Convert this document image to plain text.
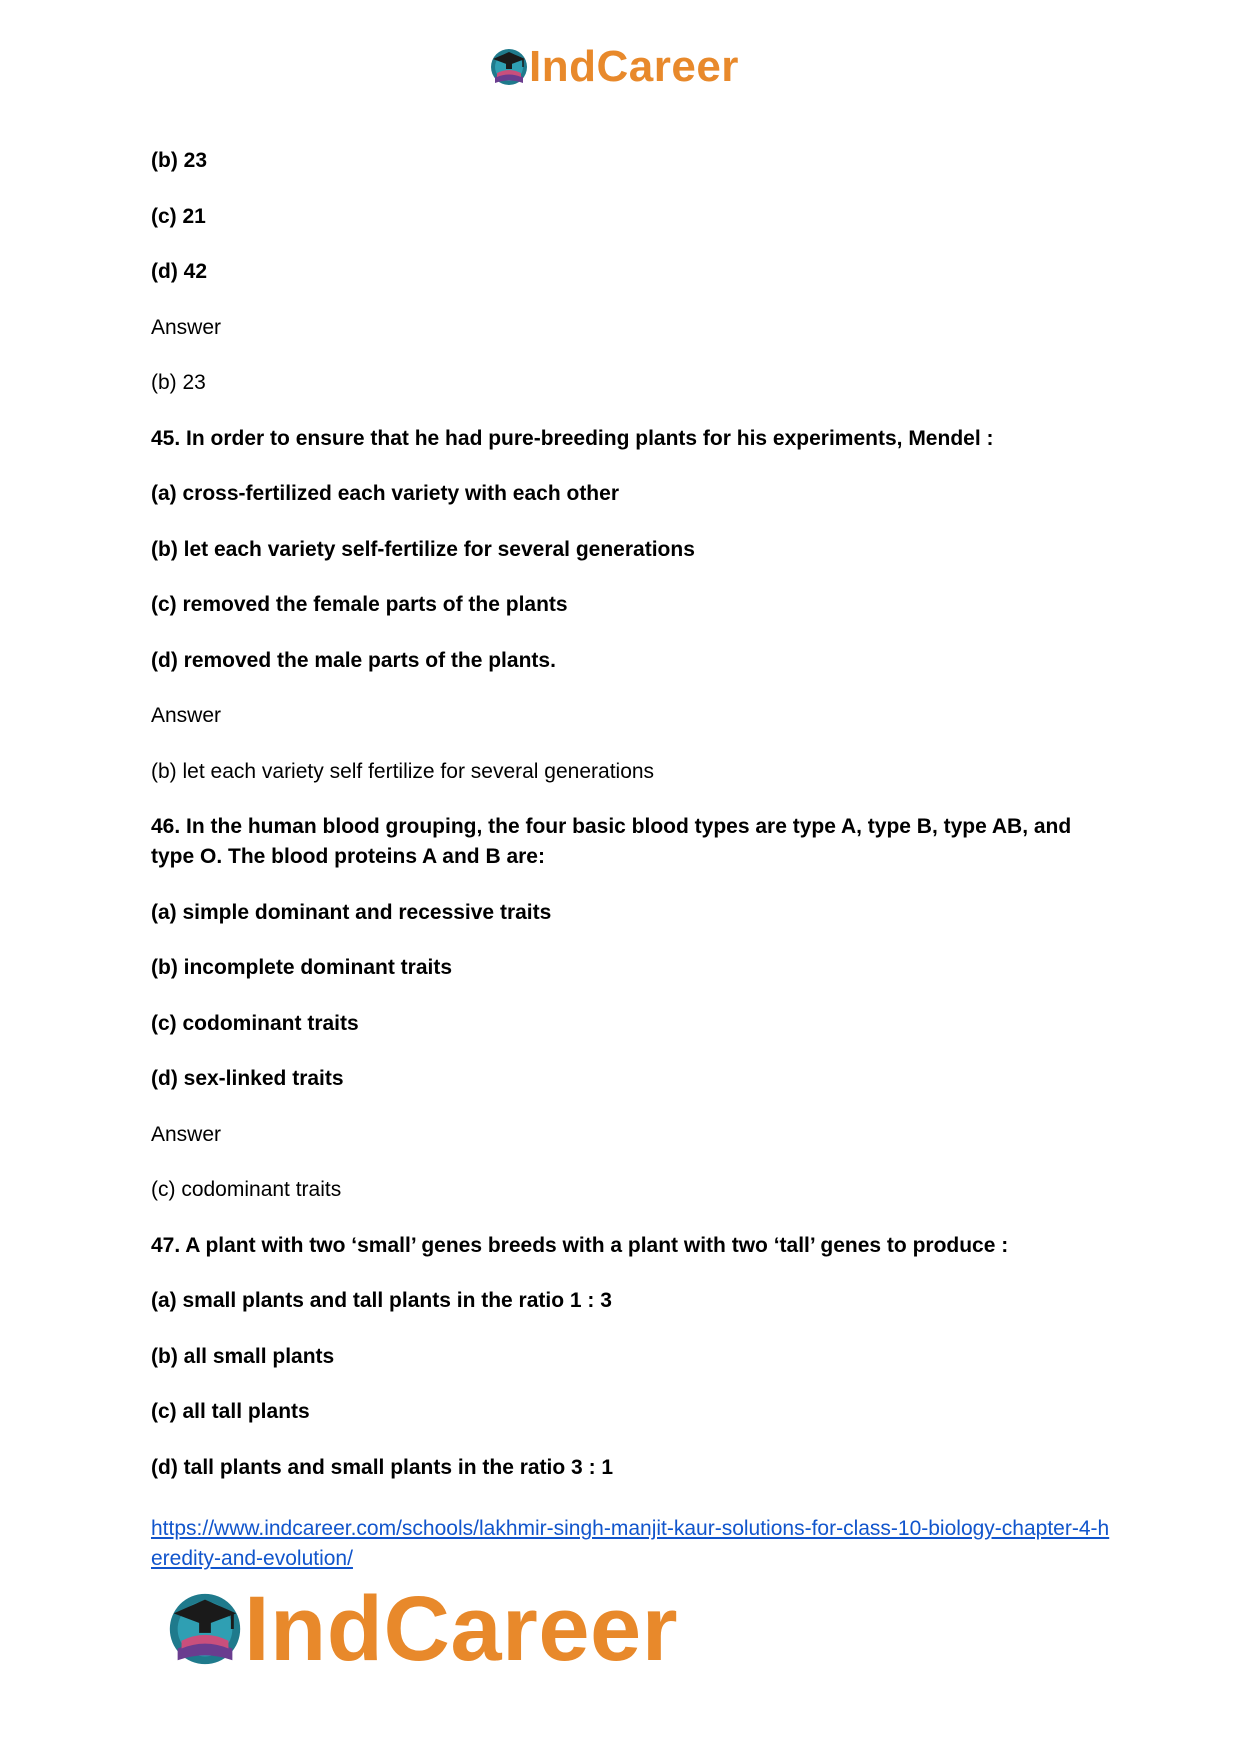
IndCareer

(b) 23

(c) 21

(d) 42

Answer

(b) 23

45. In order to ensure that he had pure-breeding plants for his experiments, Mendel :

(a) cross-fertilized each variety with each other

(b) let each variety self-fertilize for several generations

(c) removed the female parts of the plants

(d) removed the male parts of the plants.

Answer

(b) let each variety self fertilize for several generations

46. In the human blood grouping, the four basic blood types are type A, type B, type AB, and type O. The blood proteins A and B are:

(a) simple dominant and recessive traits

(b) incomplete dominant traits

(c) codominant traits

(d) sex-linked traits

Answer

(c) codominant traits

47. A plant with two ‘small’ genes breeds with a plant with two ‘tall’ genes to produce :

(a) small plants and tall plants in the ratio 1 : 3

(b) all small plants

(c) all tall plants

(d) tall plants and small plants in the ratio 3 : 1

https://www.indcareer.com/schools/lakhmir-singh-manjit-kaur-solutions-for-class-10-biology-chapter-4-heredity-and-evolution/
IndCareer
